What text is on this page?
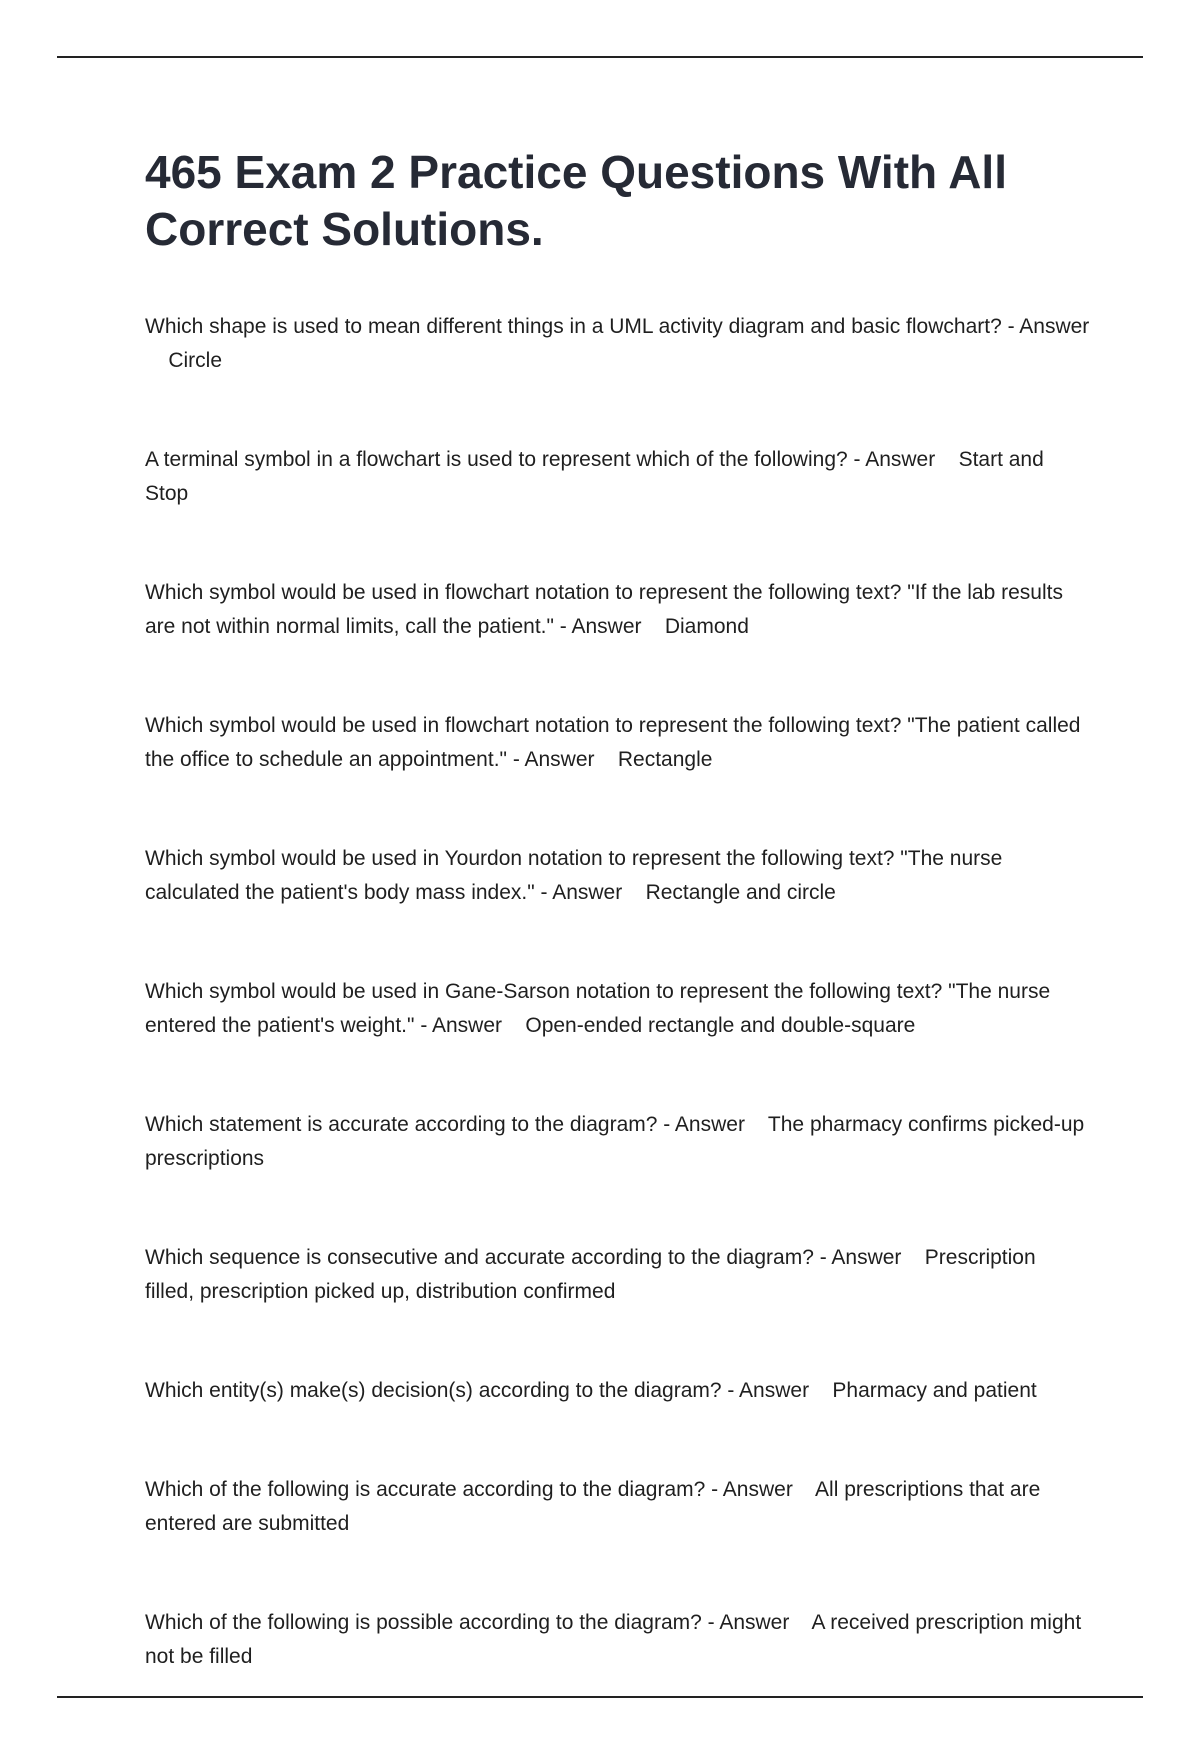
465 Exam 2 Practice Questions With All Correct Solutions.
Which shape is used to mean different things in a UML activity diagram and basic flowchart? - Answer    Circle
A terminal symbol in a flowchart is used to represent which of the following? - Answer Start and Stop
Which symbol would be used in flowchart notation to represent the following text? "If the lab results are not within normal limits, call the patient." - Answer Diamond
Which symbol would be used in flowchart notation to represent the following text? "The patient called the office to schedule an appointment." - Answer Rectangle
Which symbol would be used in Yourdon notation to represent the following text? "The nurse calculated the patient's body mass index." - Answer Rectangle and circle
Which symbol would be used in Gane-Sarson notation to represent the following text? "The nurse entered the patient's weight." - Answer Open-ended rectangle and double-square
Which statement is accurate according to the diagram? - Answer The pharmacy confirms picked-up prescriptions
Which sequence is consecutive and accurate according to the diagram? - Answer Prescription filled, prescription picked up, distribution confirmed
Which entity(s) make(s) decision(s) according to the diagram? - Answer Pharmacy and patient
Which of the following is accurate according to the diagram? - Answer All prescriptions that are entered are submitted
Which of the following is possible according to the diagram? - Answer A received prescription might not be filled
